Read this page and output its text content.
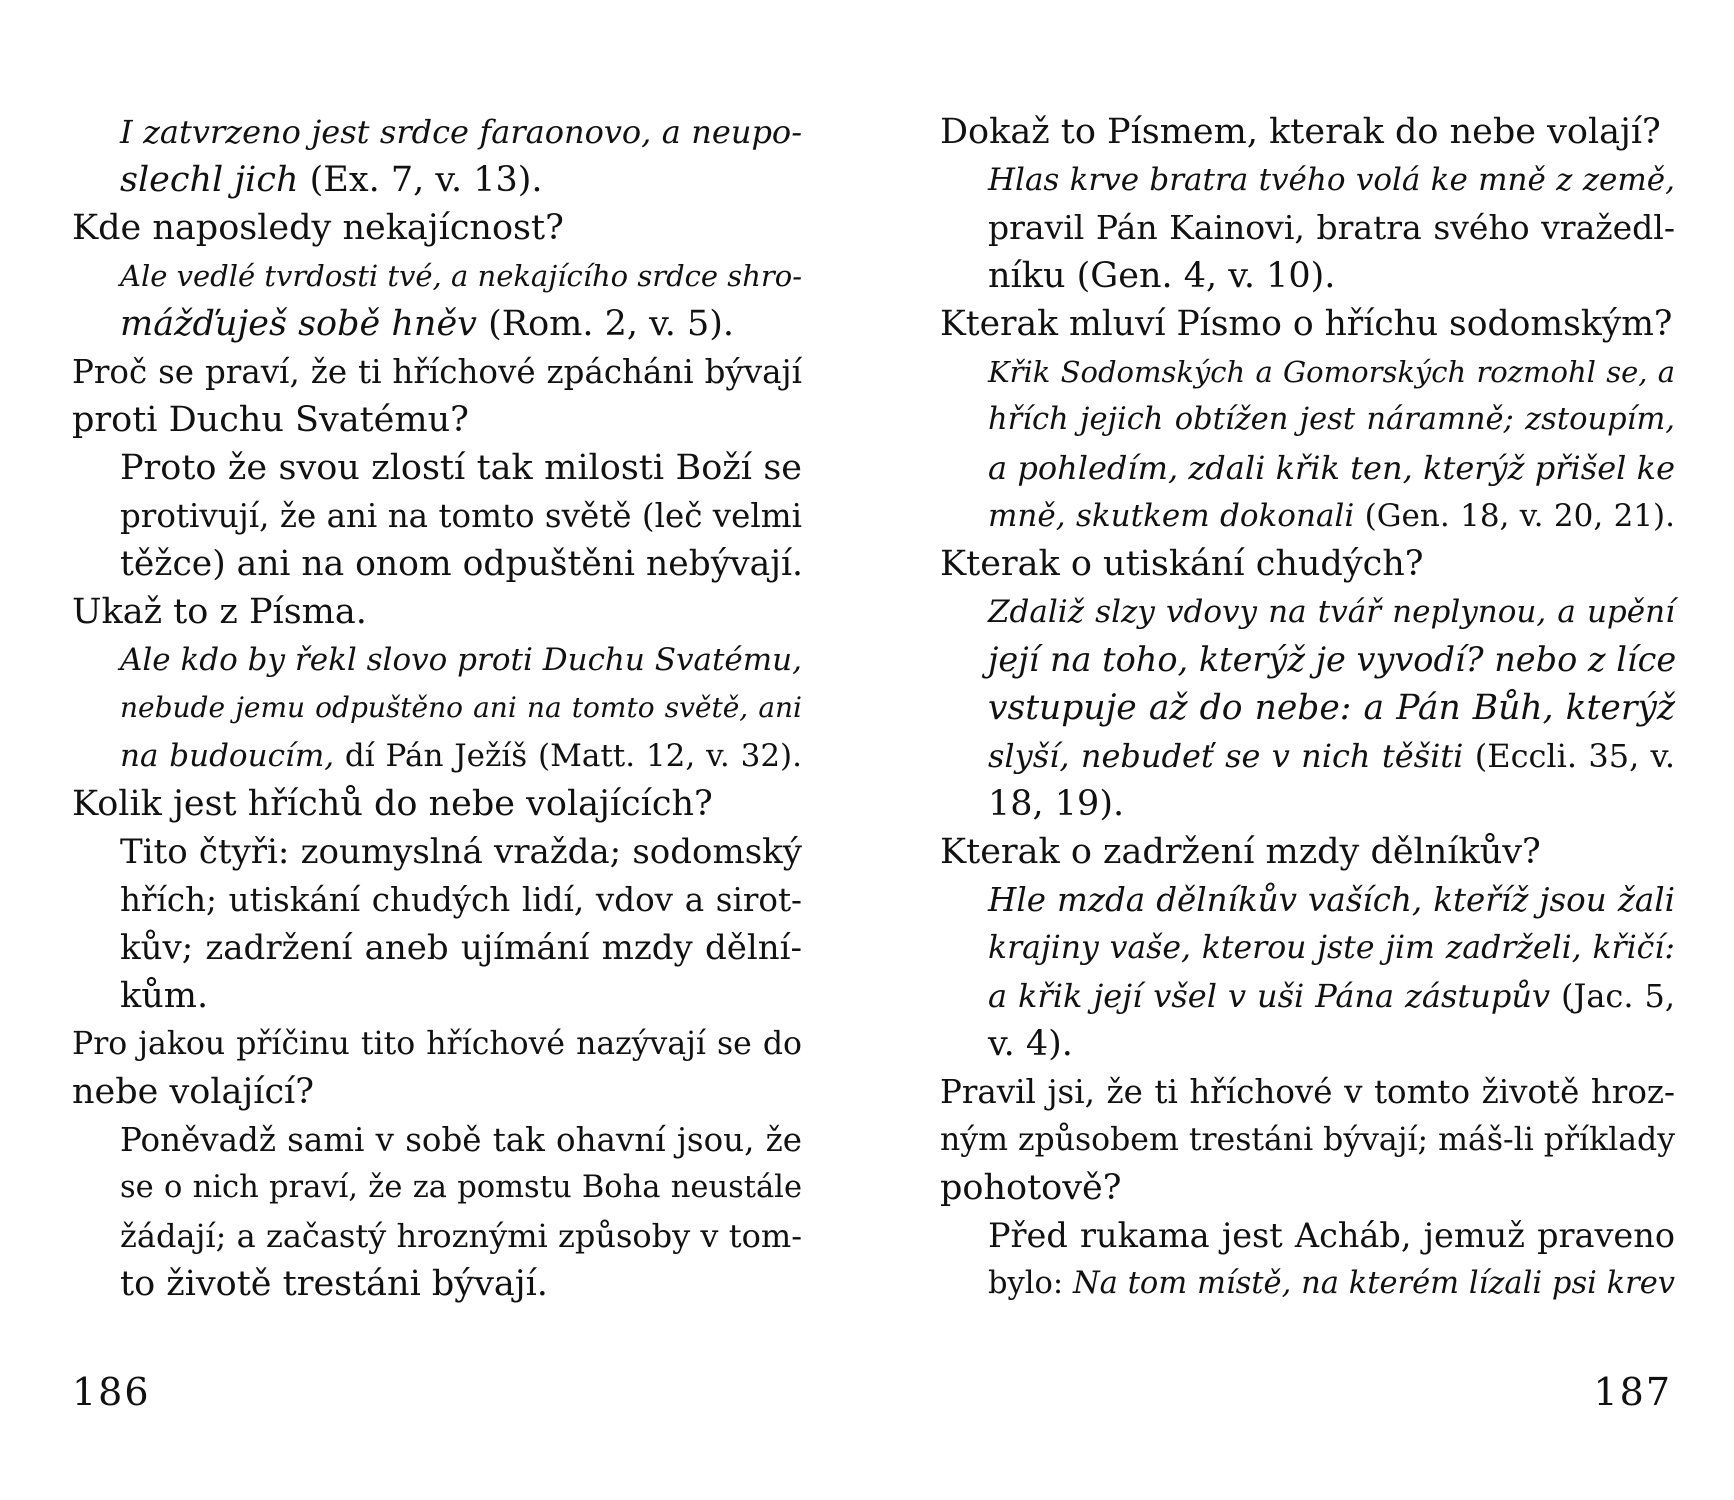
I zatvrzeno jest srdce faraonovo, a neupo-
slechl jich (Ex. 7, v. 13).
Kde naposledy nekajícnost?
Ale vedlé tvrdosti tvé, a nekajícího srdce shro-
mážďuješ sobě hněv (Rom. 2, v. 5).
Proč se praví, že ti hříchové zpácháni bývají
proti Duchu Svatému?
Proto že svou zlostí tak milosti Boží se
protivují, že ani na tomto světě (leč velmi
těžce) ani na onom odpuštěni nebývají.
Ukaž to z Písma.
Ale kdo by řekl slovo proti Duchu Svatému,
nebude jemu odpuštěno ani na tomto světě, ani
na budoucím, dí Pán Ježíš (Matt. 12, v. 32).
Kolik jest hříchů do nebe volajících?
Tito čtyři: zoumyslná vražda; sodomský
hřích; utiskání chudých lidí, vdov a sirot-
kův; zadržení aneb ujímání mzdy dělní-
kům.
Pro jakou příčinu tito hříchové nazývají se do
nebe volající?
Poněvadž sami v sobě tak ohavní jsou, že
se o nich praví, že za pomstu Boha neustále
žádají; a začastý hroznými způsoby v tom-
to životě trestáni bývají.
Dokaž to Písmem, kterak do nebe volají?
Hlas krve bratra tvého volá ke mně z země,
pravil Pán Kainovi, bratra svého vražedl-
níku (Gen. 4, v. 10).
Kterak mluví Písmo o hříchu sodomským?
Křik Sodomských a Gomorských rozmohl se, a
hřích jejich obtížen jest náramně; zstoupím,
a pohledím, zdali křik ten, kterýž přišel ke
mně, skutkem dokonali (Gen. 18, v. 20, 21).
Kterak o utiskání chudých?
Zdaliž slzy vdovy na tvář neplynou, a upění
její na toho, kterýž je vyvodí? nebo z líce
vstupuje až do nebe: a Pán Bůh, kterýž
slyší, nebudeť se v nich těšiti (Eccli. 35, v.
18, 19).
Kterak o zadržení mzdy dělníkův?
Hle mzda dělníkův vaších, kteříž jsou žali
krajiny vaše, kterou jste jim zadrželi, křičí:
a křik její všel v uši Pána zástupův (Jac. 5,
v. 4).
Pravil jsi, že ti hříchové v tomto životě hroz-
ným způsobem trestáni bývají; máš-li příklady
pohotově?
Před rukama jest Acháb, jemuž praveno
bylo: Na tom místě, na kterém lízali psi krev
186	187
